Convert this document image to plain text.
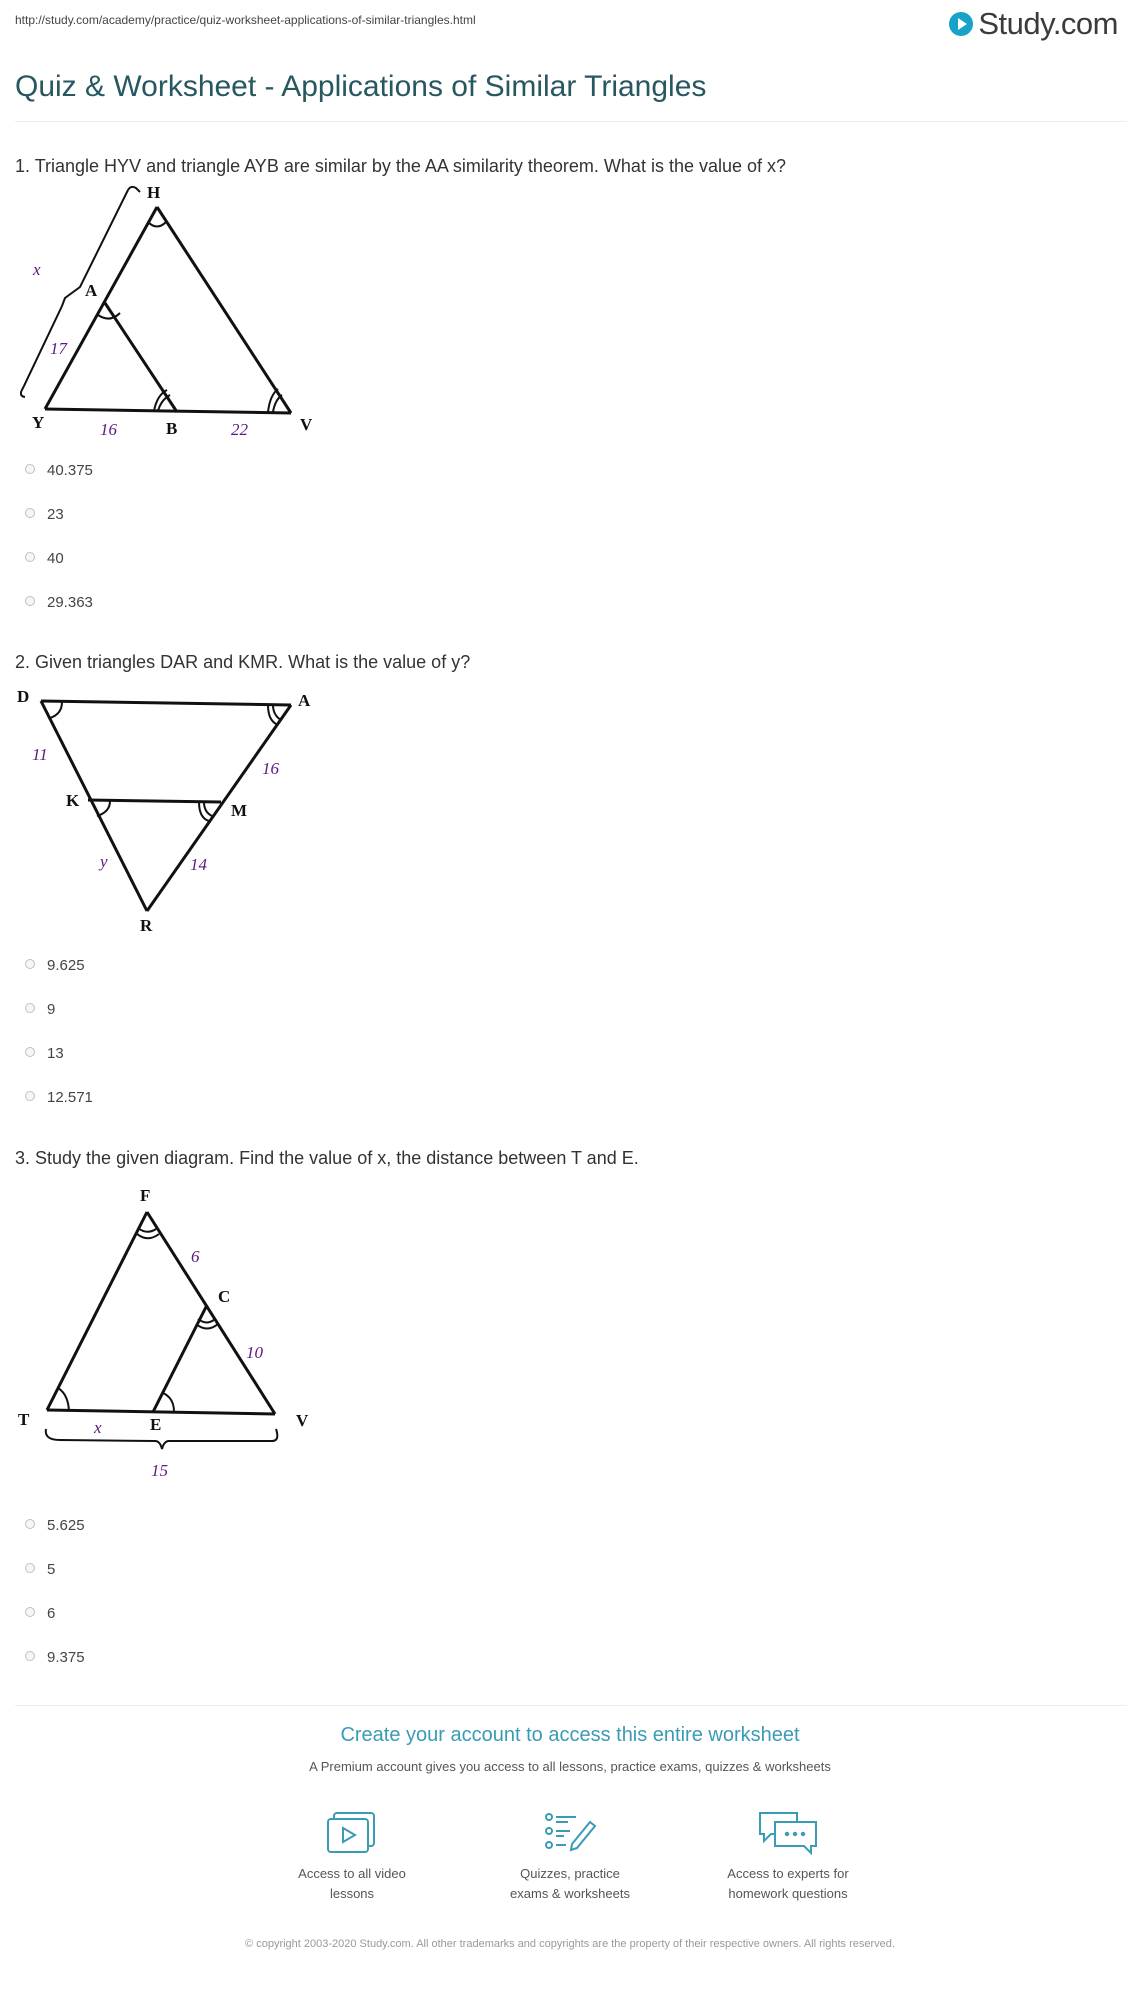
http://study.com/academy/practice/quiz-worksheet-applications-of-similar-triangles.html	Study.com
Quiz & Worksheet - Applications of Similar Triangles
1. Triangle HYV and triangle AYB are similar by the AA similarity theorem. What is the value of x?
H
A
Y	B	V
x
17
16	22
40.375
23
40
29.363
2. Given triangles DAR and KMR. What is the value of y?
D	A
K
M
R
11
16
y	14
9.625
9
13
12.571
3. Study the given diagram. Find the value of x, the distance between T and E.
F
C
T	E	V
6
10
x
15
5.625
5
6
9.375
Create your account to access this entire worksheet
A Premium account gives you access to all lessons, practice exams, quizzes & worksheets
Access to all video lessons
Quizzes, practice exams & worksheets
Access to experts for homework questions
© copyright 2003-2020 Study.com. All other trademarks and copyrights are the property of their respective owners. All rights reserved.
